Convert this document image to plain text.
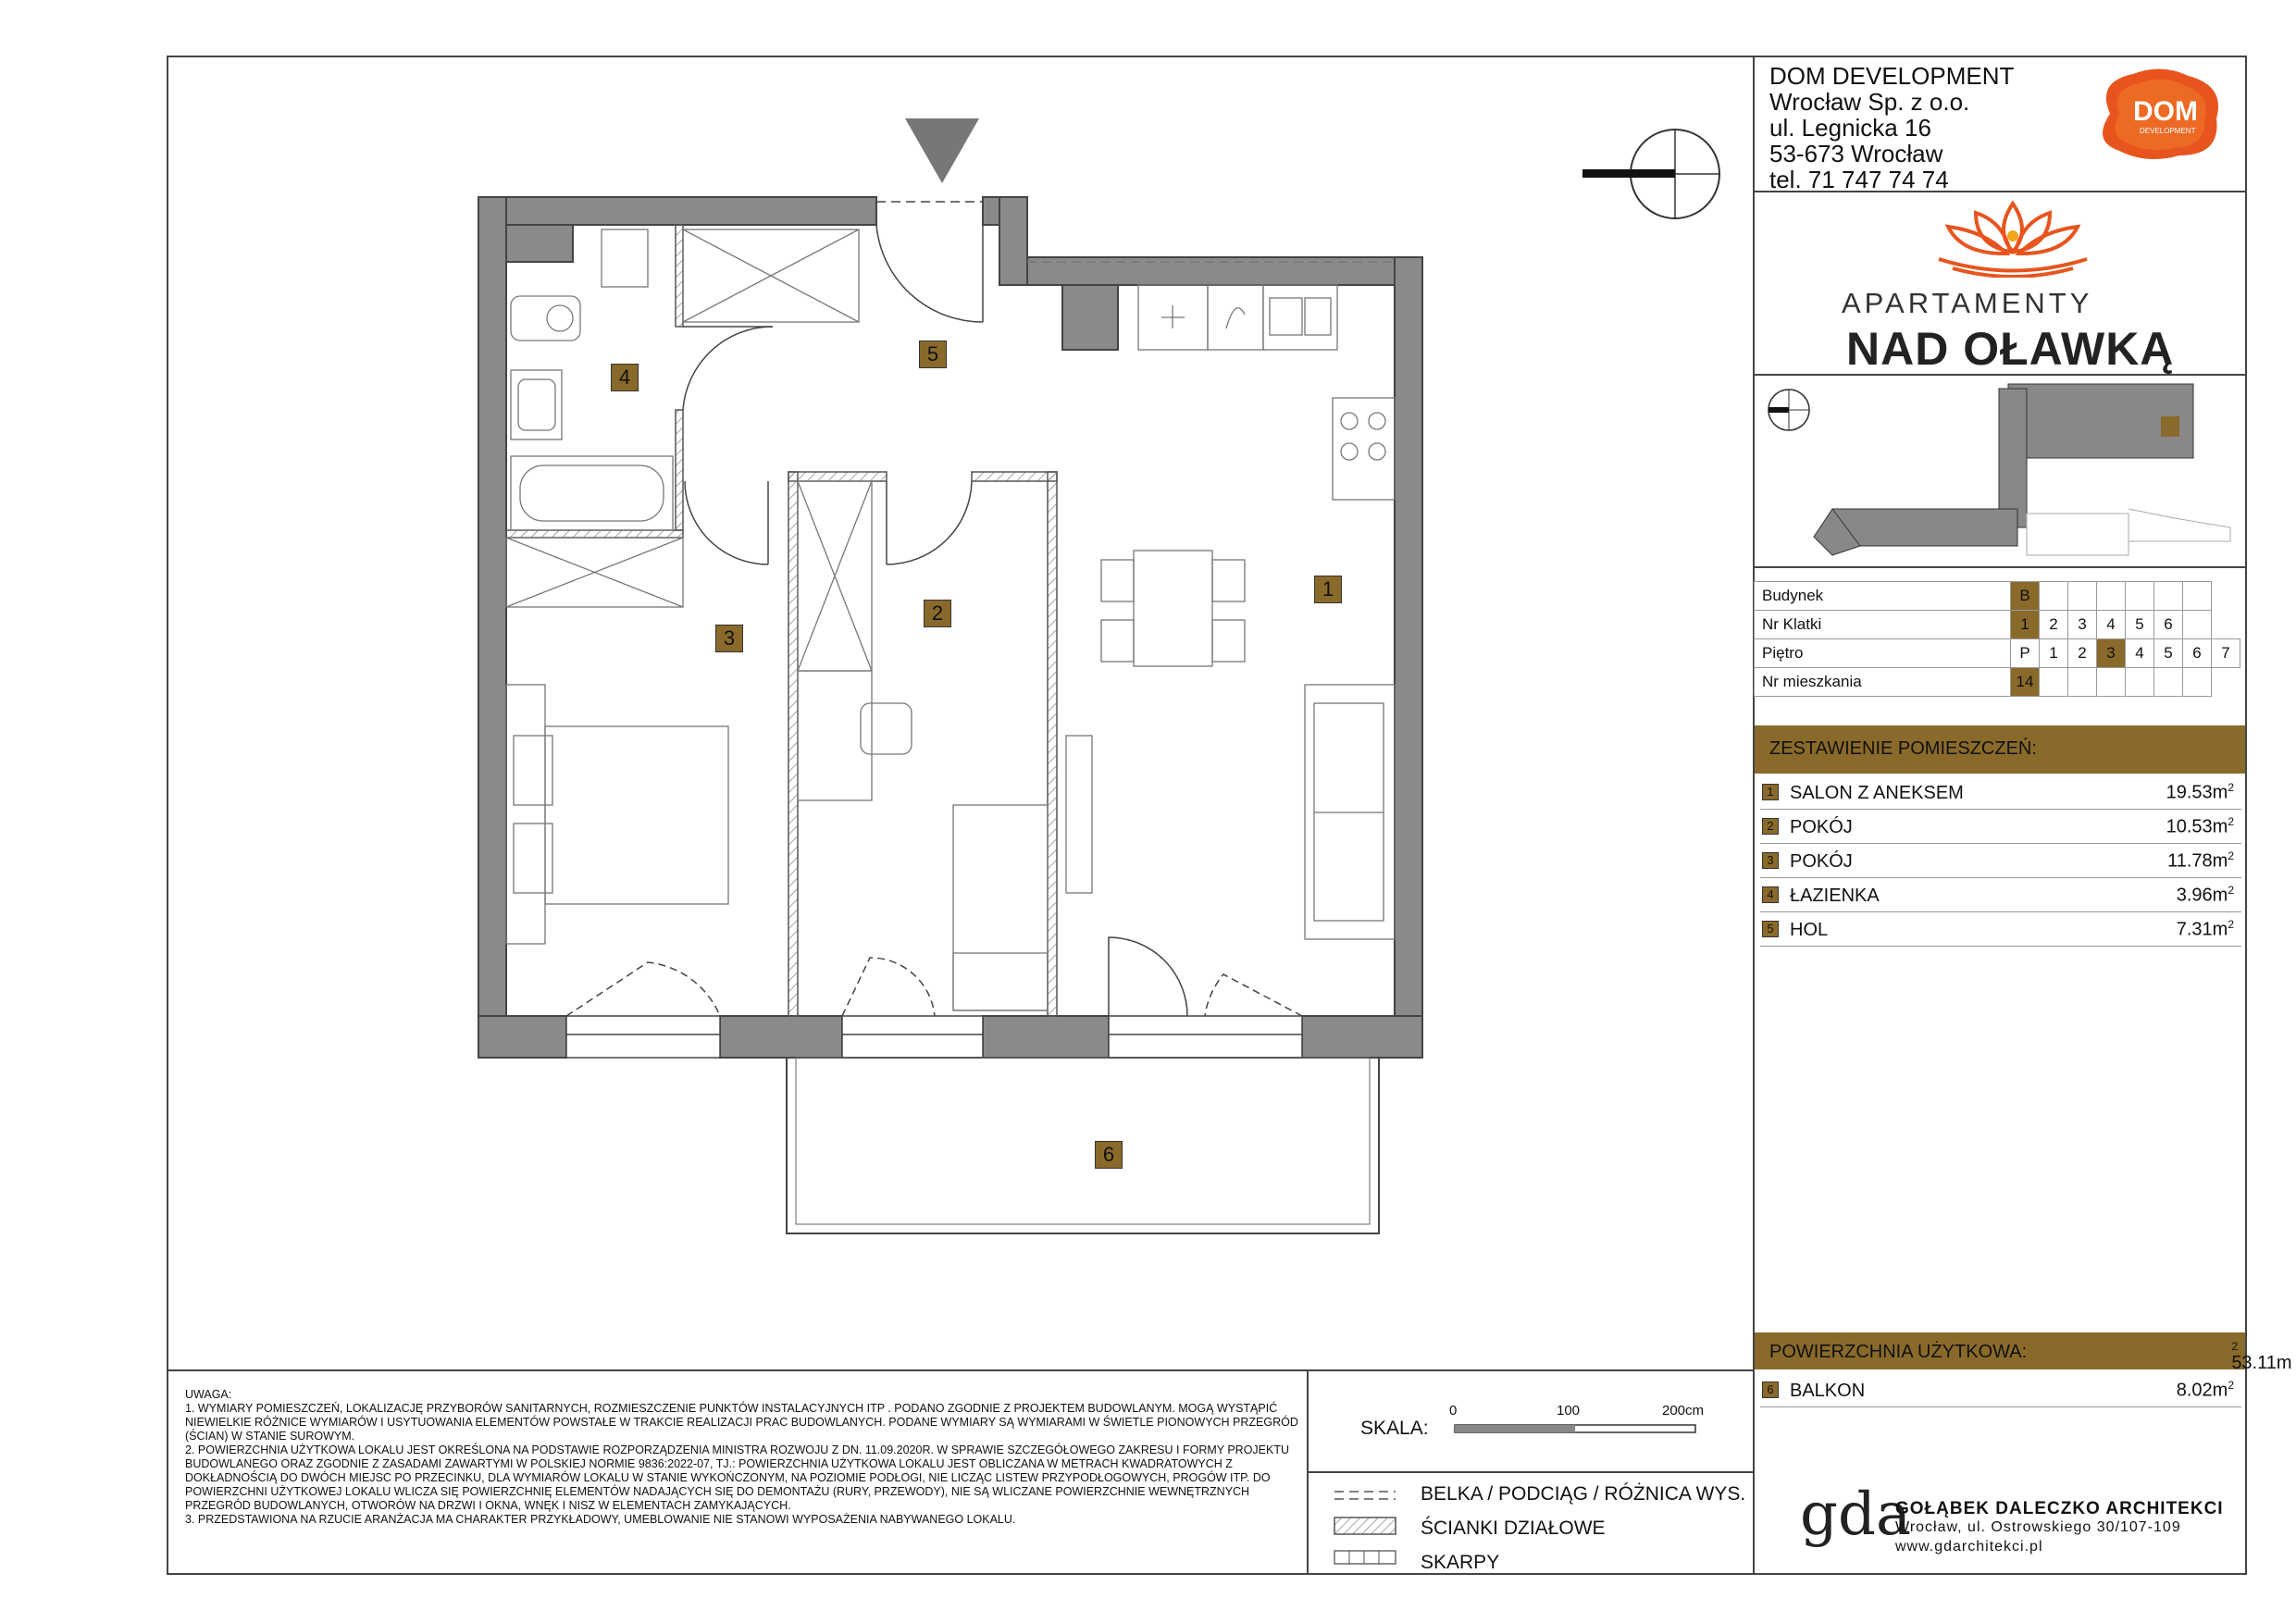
DOM DEVELOPMENT
Wrocław Sp. z o.o.
ul. Legnicka 16
53-673 Wrocław
tel. 71 747 74 74
DOM
DEVELOPMENT
APARTAMENTY
NAD OŁAWKĄ
Budynek	B							
Nr Klatki	1	2	3	4	5	6		
Piętro	P	1	2	3	4	5	6	7
Nr mieszkania	14							
ZESTAWIENIE POMIESZCZEŃ:
1 SALON Z ANEKSEM	$19.53m^2$
2 POKÓJ	$10.53m^2$
3 POKÓJ	$11.78m^2$
4 ŁAZIENKA	$3.96m^2$
5 HOL	$7.31m^2$
POWIERZCHNIA UŻYTKOWA:
53.11m
$^2$
6 BALKON	$8.02m^2$
1
2
3
4
5
6

UWAGA:

1. WYMIARY POMIESZCZEŃ, LOKALIZACJĘ PRZYBORÓW SANITARNYCH, ROZMIESZCZENIE PUNKTÓW INSTALACYJNYCH ITP . PODANO ZGODNIE Z PROJEKTEM BUDOWLANYM. MOGĄ WYSTĄPIĆ NIEWIELKIE RÓŻNICE WYMIARÓW I USYTUOWANIA ELEMENTÓW POWSTAŁE W TRAKCIE REALIZACJI PRAC BUDOWLANYCH. PODANE WYMIARY SĄ WYMIARAMI W ŚWIETLE PIONOWYCH PRZEGRÓD (ŚCIAN) W STANIE SUROWYM.

2. POWIERZCHNIA UŻYTKOWA LOKALU JEST OKREŚLONA NA PODSTAWIE ROZPORZĄDZENIA MINISTRA ROZWOJU Z DN. 11.09.2020R. W SPRAWIE SZCZEGÓŁOWEGO ZAKRESU I FORMY PROJEKTU BUDOWLANEGO ORAZ ZGODNIE Z ZASADAMI ZAWARTYMI W POLSKIEJ NORMIE 9836:2022-07, TJ.: POWIERZCHNIA UŻYTKOWA LOKALU JEST OBLICZANA W METRACH KWADRATOWYCH Z DOKŁADNOŚCIĄ DO DWÓCH MIEJSC PO PRZECINKU, DLA WYMIARÓW LOKALU W STANIE WYKOŃCZONYM, NA POZIOMIE PODŁOGI, NIE LICZĄC LISTEW PRZYPODŁOGOWYCH, PROGÓW ITP. DO POWIERZCHNI UŻYTKOWEJ LOKALU WLICZA SIĘ POWIERZCHNIĘ ELEMENTÓW NADAJĄCYCH SIĘ DO DEMONTAŻU (RURY, PRZEWODY), NIE SĄ WLICZANE POWIERZCHNIE WEWNĘTRZNYCH PRZEGRÓD BUDOWLANYCH, OTWORÓW NA DRZWI I OKNA, WNĘK I NISZ W ELEMENTACH ZAMYKAJĄCYCH.

3. PRZEDSTAWIONA NA RZUCIE ARANŻACJA MA CHARAKTER PRZYKŁADOWY, UMEBLOWANIE NIE STANOWI WYPOSAŻENIA NABYWANEGO LOKALU.

SKALA:
0	100	200cm
BELKA / PODCIĄG / RÓŻNICA WYS.
ŚCIANKI DZIAŁOWE
SKARPY
gda
GOŁĄBEK DALECZKO ARCHITEKCI
Wrocław, ul. Ostrowskiego 30/107-109
www.gdarchitekci.pl
